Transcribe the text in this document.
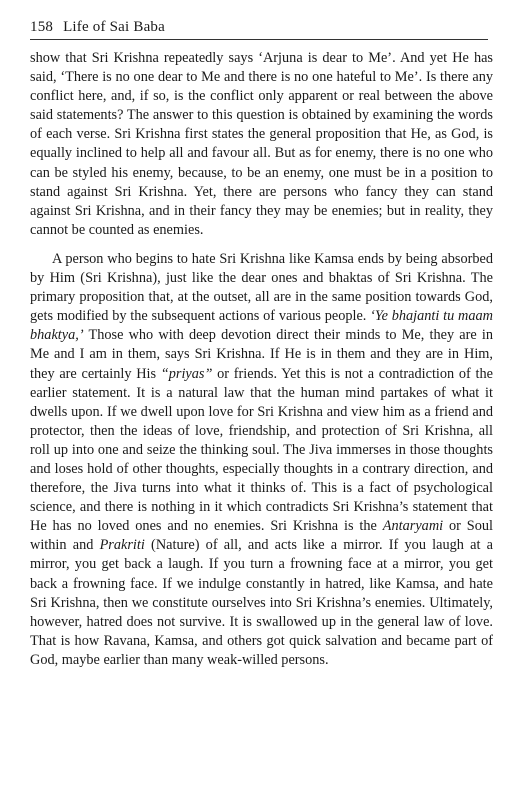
158 Life of Sai Baba

show that Sri Krishna repeatedly says ‘Arjuna is dear to Me’. And yet He has said, ‘There is no one dear to Me and there is no one hateful to Me’. Is there any conflict here, and, if so, is the conflict only apparent or real between the above said statements? The answer to this question is obtained by examining the words of each verse. Sri Krishna first states the general proposition that He, as God, is equally inclined to help all and favour all. But as for enemy, there is no one who can be styled his enemy, because, to be an enemy, one must be in a position to stand against Sri Krishna. Yet, there are persons who fancy they can stand against Sri Krishna, and in their fancy they may be enemies; but in reality, they cannot be counted as enemies.

A person who begins to hate Sri Krishna like Kamsa ends by being absorbed by Him (Sri Krishna), just like the dear ones and bhaktas of Sri Krishna. The primary proposition that, at the outset, all are in the same position towards God, gets modified by the subsequent actions of various people. ‘Ye bhajanti tu maam bhaktya,’ Those who with deep devotion direct their minds to Me, they are in Me and I am in them, says Sri Krishna. If He is in them and they are in Him, they are certainly His “priyas” or friends. Yet this is not a contradiction of the earlier statement. It is a natural law that the human mind partakes of what it dwells upon. If we dwell upon love for Sri Krishna and view him as a friend and protector, then the ideas of love, friendship, and protection of Sri Krishna, all roll up into one and seize the thinking soul. The Jiva immerses in those thoughts and loses hold of other thoughts, especially thoughts in a contrary direction, and therefore, the Jiva turns into what it thinks of. This is a fact of psychological science, and there is nothing in it which contradicts Sri Krishna’s statement that He has no loved ones and no enemies. Sri Krishna is the Antaryami or Soul within and Prakriti (Nature) of all, and acts like a mirror. If you laugh at a mirror, you get back a laugh. If you turn a frowning face at a mirror, you get back a frowning face. If we indulge constantly in hatred, like Kamsa, and hate Sri Krishna, then we constitute ourselves into Sri Krishna’s enemies. Ultimately, however, hatred does not survive. It is swallowed up in the general law of love. That is how Ravana, Kamsa, and others got quick salvation and became part of God, maybe earlier than many weak-willed persons.
